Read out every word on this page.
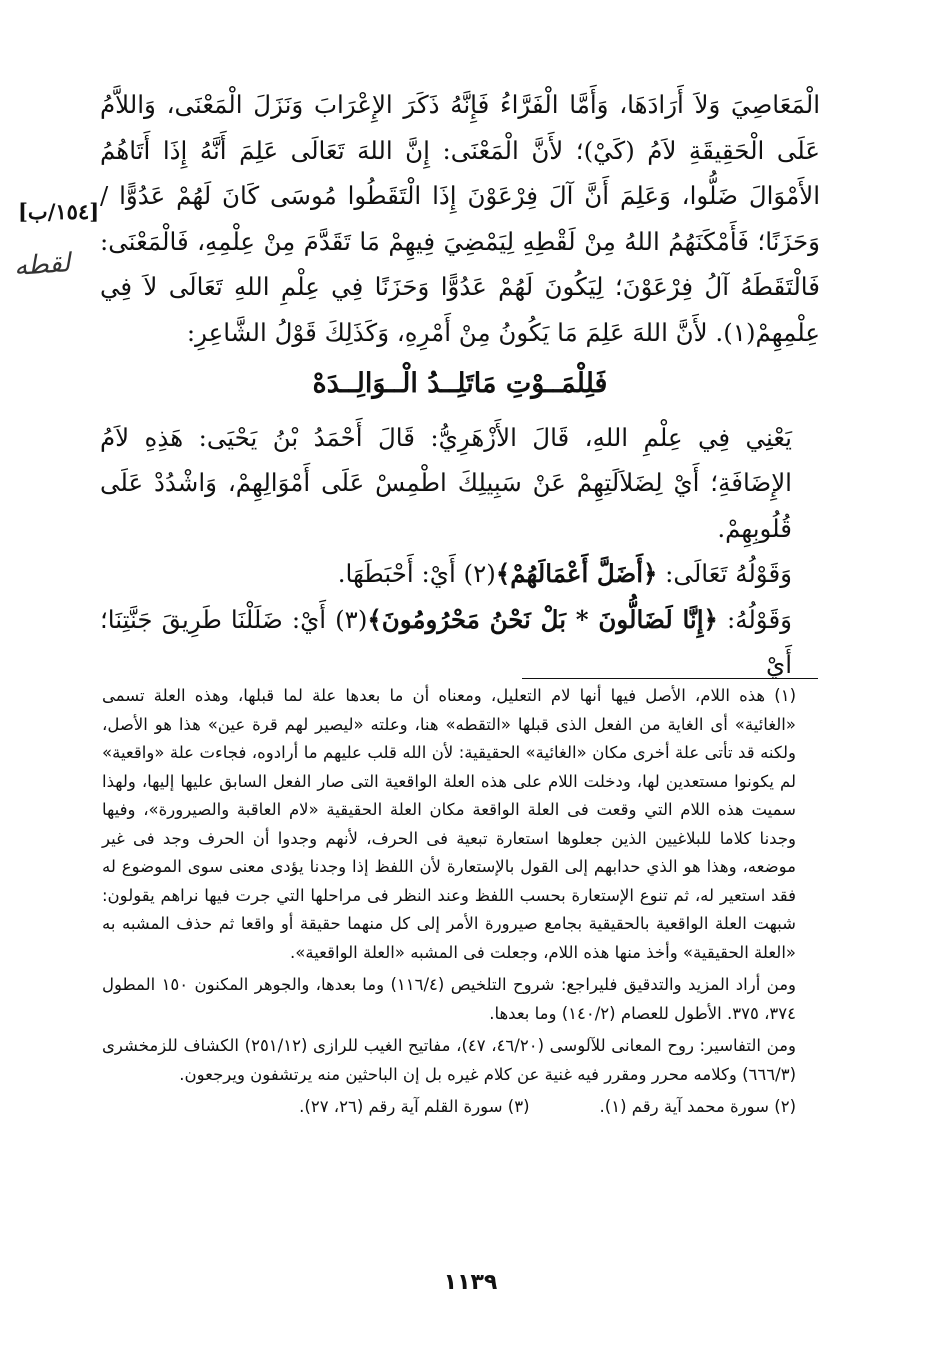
[١٥٤/ب]
لقطه

الْمَعَاصِيَ وَلاَ أَرَادَهَا، وَأَمَّا الْفَرَّاءُ فَإِنَّهُ ذَكَرَ الإِعْرَابَ وَنَزَلَ الْمَعْنَى، وَاللاَّمُ عَلَى الْحَقِيقَةِ لاَمُ (كَيْ)؛ لأَنَّ الْمَعْنَى: إِنَّ اللهَ تَعَالَى عَلِمَ أَنَّهُ إِذَا أَتَاهُمُ الأَمْوَالَ ضَلُّوا، وَعَلِمَ أَنَّ آلَ فِرْعَوْنَ إِذَا الْتَقَطُوا مُوسَى كَانَ لَهُمْ عَدُوًّا / وَحَزَنًا؛ فَأَمْكَنَهُمُ اللهُ مِنْ لَقْطِهِ لِيَمْضِيَ فِيهِمْ مَا تَقَدَّمَ مِنْ عِلْمِهِ، فَالْمَعْنَى: فَالْتَقَطَهُ آلُ فِرْعَوْنَ؛ لِيَكُونَ لَهُمْ عَدُوًّا وَحَزَنًا فِي عِلْمِ اللهِ تَعَالَى لاَ فِي عِلْمِهِمْ(١). لأَنَّ اللهَ عَلِمَ مَا يَكُونُ مِنْ أَمْرِهِ، وَكَذَلِكَ قَوْلُ الشَّاعِرِ:

فَلِلْمَــوْتِ مَاتَلِــدُ الْــوَالِــدَهْ

يَعْنِي فِي عِلْمِ اللهِ، قَالَ الأَزْهَرِيُّ: قَالَ أَحْمَدُ بْنُ يَحْيَى: هَذِهِ لاَمُ الإِضَافَةِ؛ أَيْ لِضَلاَلَتِهِمْ عَنْ سَبِيلِكَ اطْمِسْ عَلَى أَمْوَالِهِمْ، وَاشْدُدْ عَلَى قُلُوبِهِمْ.

وَقَوْلُهُ تَعَالَى: ﴿أَضَلَّ أَعْمَالَهُمْ﴾(٢) أَيْ: أَحْبَطَهَا.

وَقَوْلُهُ: ﴿إِنَّا لَضَالُّونَ * بَلْ نَحْنُ مَحْرُومُونَ﴾(٣) أَيْ: ضَلَلْنَا طَرِيقَ جَنَّتِنَا؛ أَيْ

(١) هذه اللام، الأصل فيها أنها لام التعليل، ومعناه أن ما بعدها علة لما قبلها، وهذه العلة تسمى «الغائية» أى الغاية من الفعل الذى قبلها «التقطه» هنا، وعلته «ليصير لهم قرة عين» هذا هو الأصل، ولكنه قد تأتى علة أخرى مكان «الغائية» الحقيقية: لأن الله قلب عليهم ما أرادوه، فجاءت علة «واقعية» لم يكونوا مستعدين لها، ودخلت اللام على هذه العلة الواقعية التى صار الفعل السابق عليها إليها، ولهذا سميت هذه اللام التي وقعت فى العلة الواقعة مكان العلة الحقيقية «لام العاقبة والصيرورة»، وفيها وجدنا كلاما للبلاغيين الذين جعلوها استعارة تبعية فى الحرف، لأنهم وجدوا أن الحرف وجد فى غير موضعه، وهذا هو الذي حدابهم إلى القول بالإستعارة لأن اللفظ إذا وجدنا يؤدى معنى سوى الموضوع له فقد استعير له، ثم تنوع الإستعارة بحسب اللفظ وعند النظر فى مراحلها التي جرت فيها نراهم يقولون: شبهت العلة الواقعية بالحقيقية بجامع صيرورة الأمر إلى كل منهما حقيقة أو واقعا ثم حذف المشبه به «العلة الحقيقية» وأخذ منها هذه اللام، وجعلت فى المشبه «العلة الواقعية».

ومن أراد المزيد والتدقيق فليراجع: شروح التلخيص (١١٦/٤) وما بعدها، والجوهر المكنون ١٥٠ المطول ٣٧٤، ٣٧٥. الأطول للعصام (١٤٠/٢) وما بعدها.

ومن التفاسير: روح المعانى للآلوسى (٤٦/٢٠، ٤٧)، مفاتيح الغيب للرازى (٢٥١/١٢) الكشاف للزمخشرى (٦٦٦/٣) وكلامه محرر ومقرر فيه غنية عن كلام غيره بل إن الباحثين منه يرتشفون ويرجعون.

(٢) سورة محمد آية رقم (١).
(٣) سورة القلم آية رقم (٢٦، ٢٧).
١١٣٩
